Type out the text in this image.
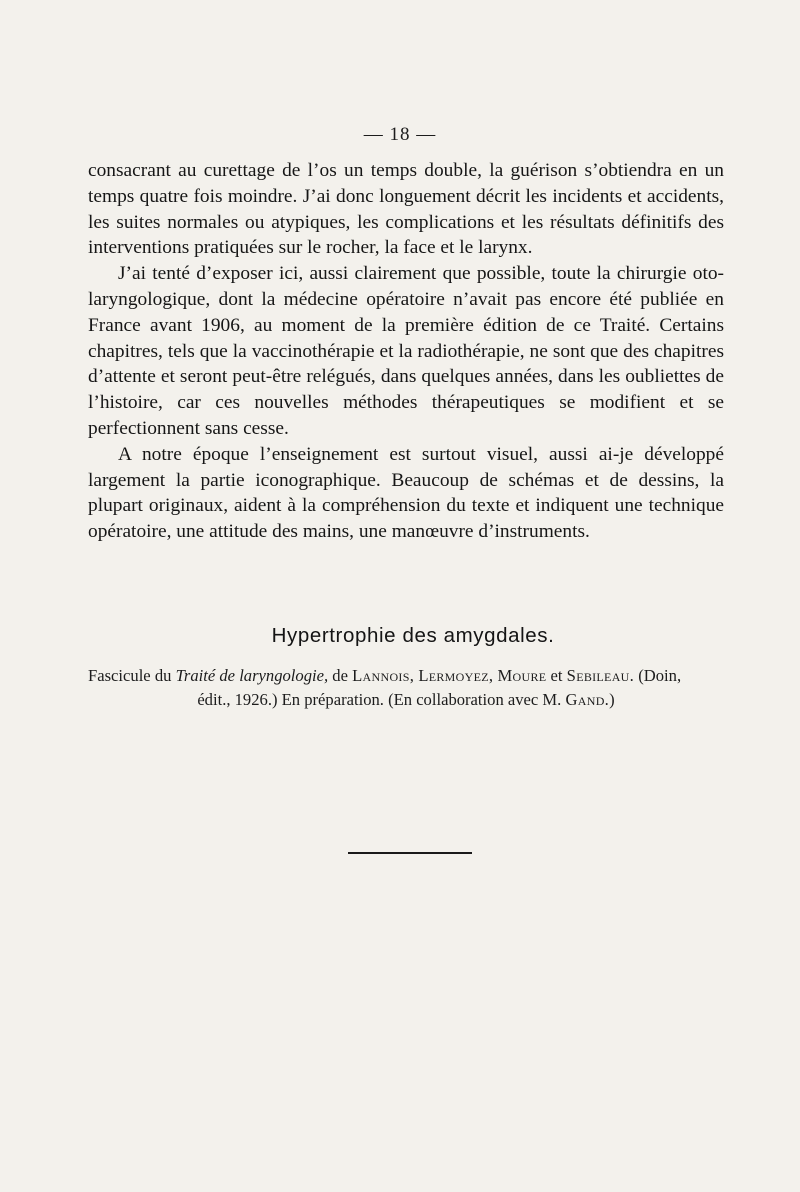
— 18 —

consacrant au curettage de l’os un temps double, la guérison s’obtiendra en un temps quatre fois moindre. J’ai donc longuement décrit les incidents et accidents, les suites normales ou atypiques, les complications et les résultats définitifs des interventions pratiquées sur le rocher, la face et le larynx.

J’ai tenté d’exposer ici, aussi clairement que possible, toute la chirurgie oto-laryngologique, dont la médecine opératoire n’avait pas encore été publiée en France avant 1906, au moment de la première édition de ce Traité. Certains chapitres, tels que la vaccinothérapie et la radiothérapie, ne sont que des chapitres d’attente et seront peut-être relégués, dans quelques années, dans les oubliettes de l’histoire, car ces nouvelles méthodes thérapeutiques se modifient et se perfectionnent sans cesse.

A notre époque l’enseignement est surtout visuel, aussi ai-je développé largement la partie iconographique. Beaucoup de schémas et de dessins, la plupart originaux, aident à la compréhension du texte et indiquent une technique opératoire, une attitude des mains, une manœuvre d’instruments.

Hypertrophie des amygdales.
Fascicule du Traité de laryngologie, de Lannois, Lermoyez, Moure et Sebileau. (Doin,
édit., 1926.) En préparation. (En collaboration avec M. Gand.)
